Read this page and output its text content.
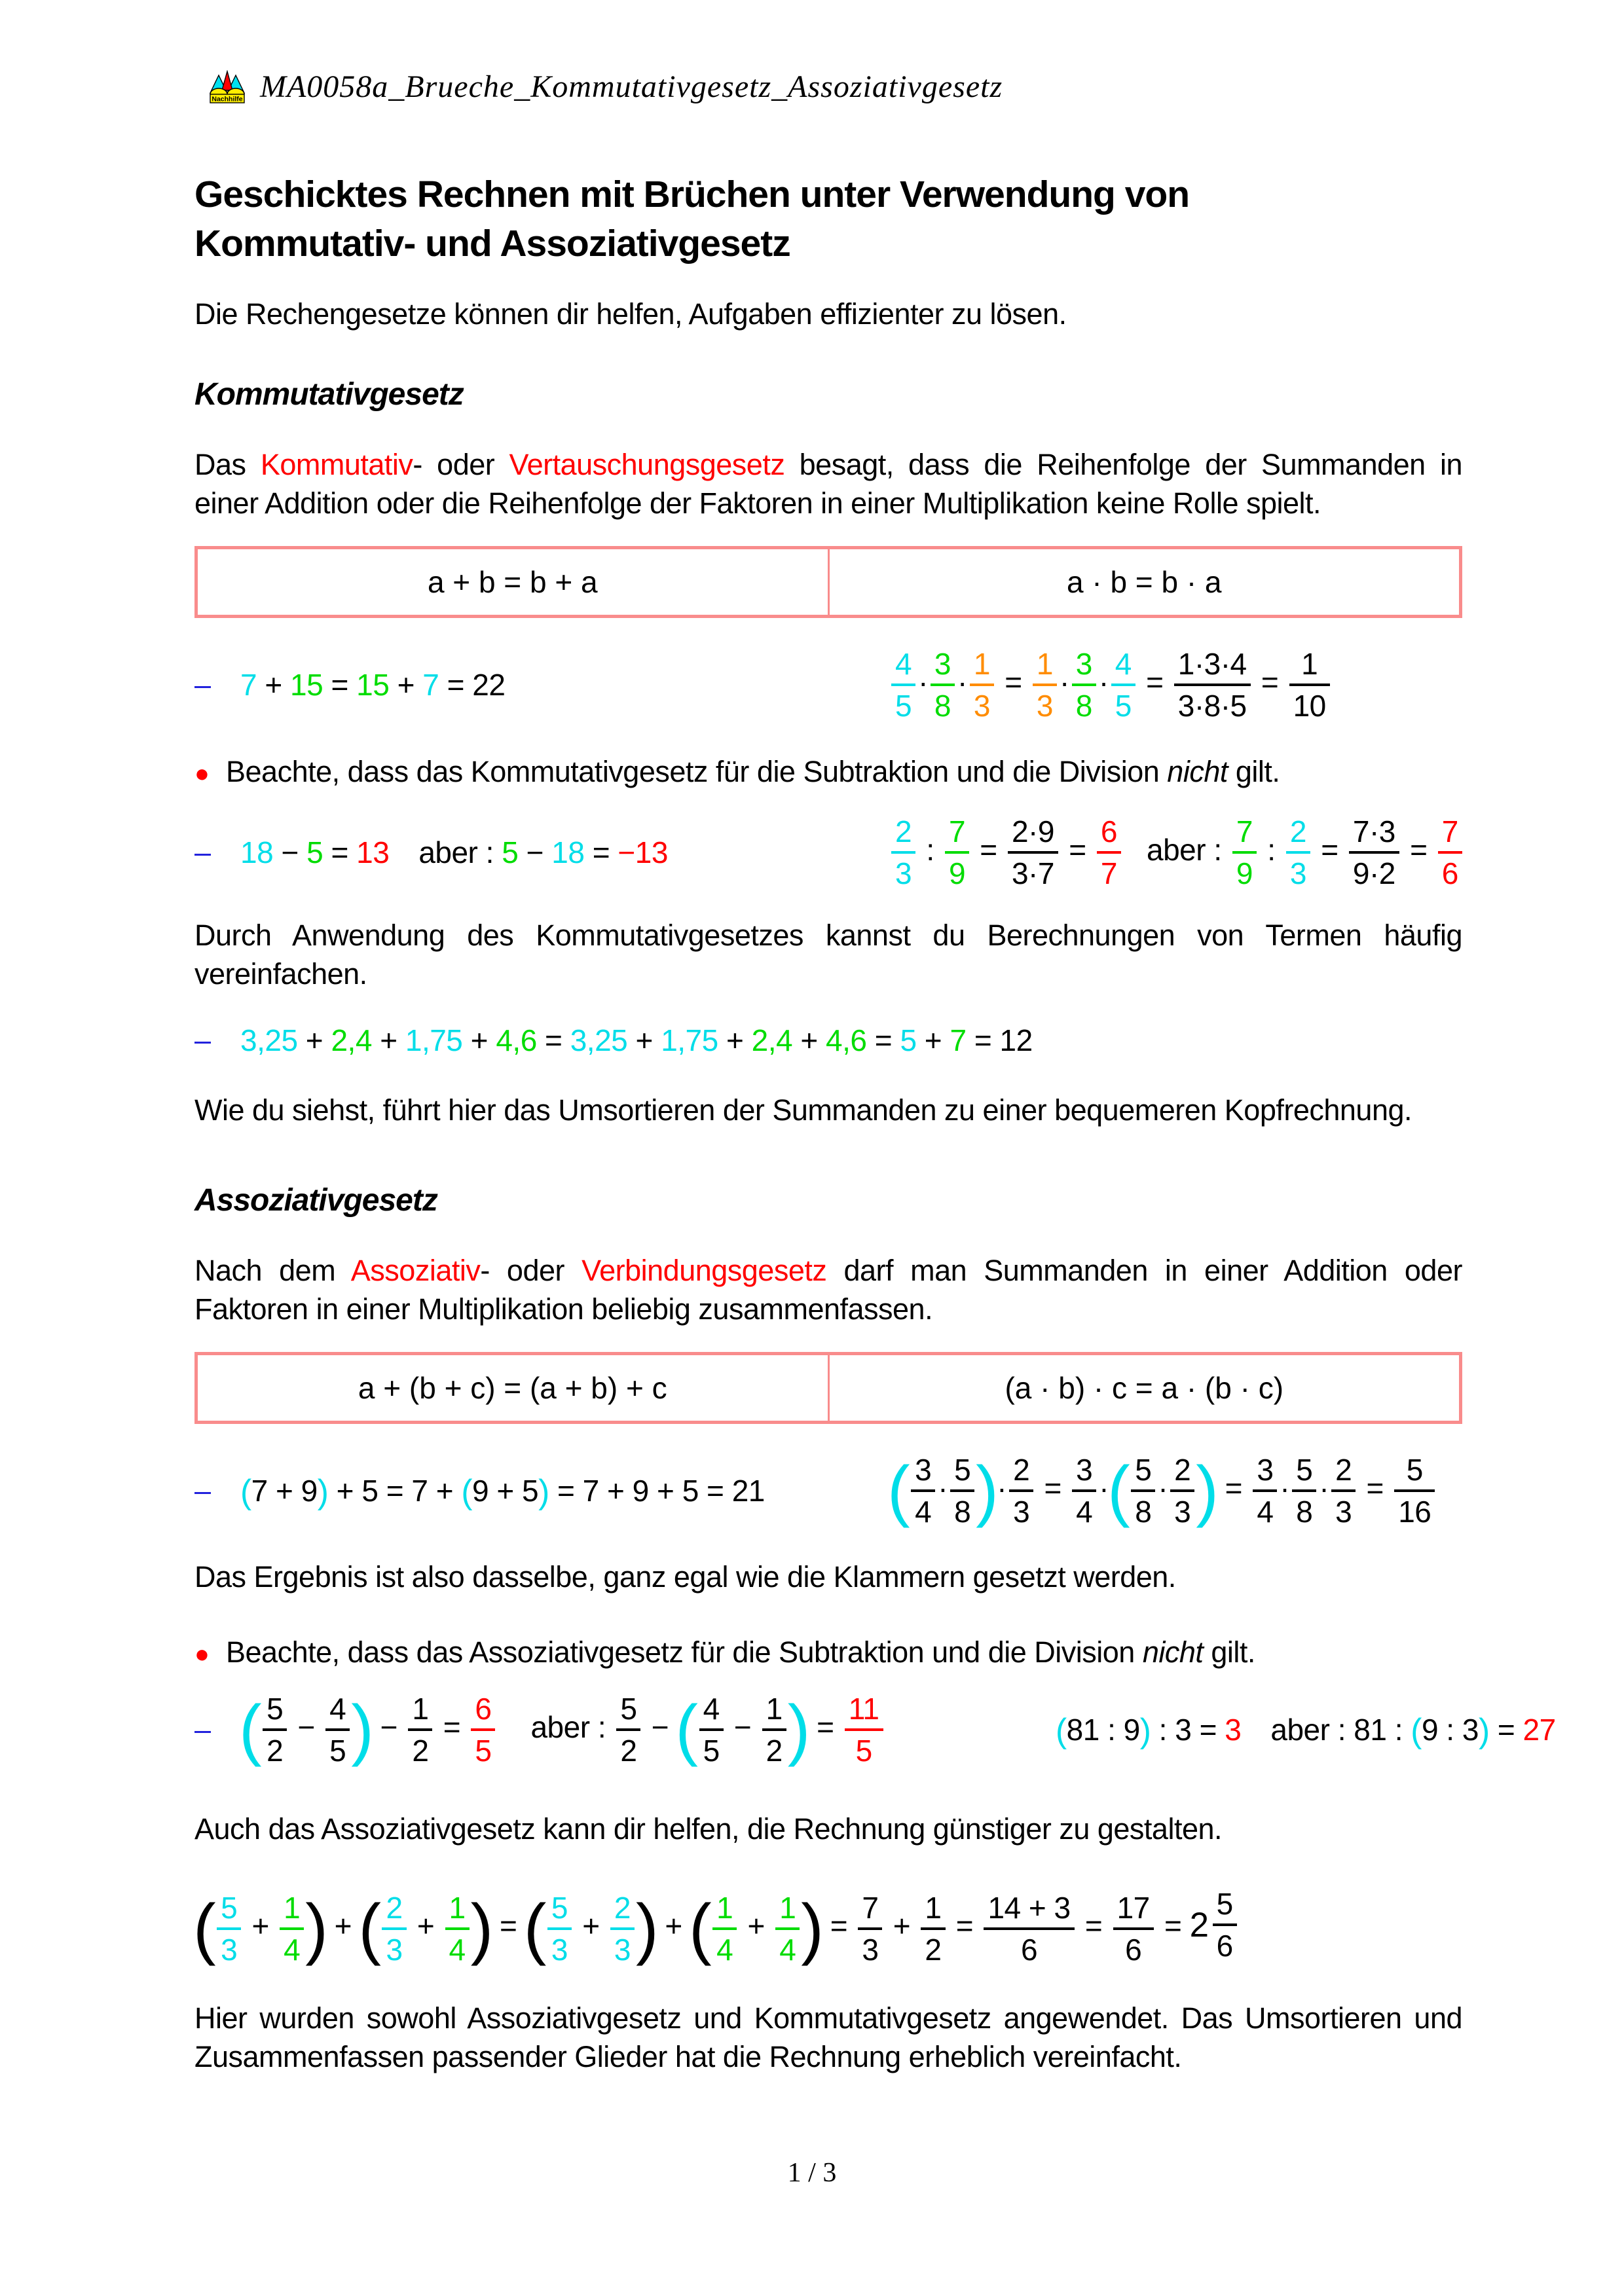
Nachhilfe MA0058a_Brueche_Kommutativgesetz_Assoziativgesetz
Geschicktes Rechnen mit Brüchen unter Verwendung von
Kommutativ- und Assoziativgesetz
Die Rechengesetze können dir helfen, Aufgaben effizienter zu lösen.
Kommutativgesetz
Das Kommutativ- oder Vertauschungsgesetz besagt, dass die Reihenfolge der Summanden in einer Addition oder die Reihenfolge der Faktoren in einer Multiplikation keine Rolle spielt.
a + b = b + a	a · b = b · a
– 7 + 15 = 15 + 7 = 22	$\frac{4}{5} \cdot \frac{3}{8} \cdot \frac{1}{3} = \frac{1}{3} \cdot \frac{3}{8} \cdot \frac{4}{5} = \frac{1\cdot 3\cdot 4}{3\cdot 8\cdot 5} = \frac{1}{10}$
● Beachte, dass das Kommutativgesetz für die Subtraktion und die Division nicht gilt.
– 18 − 5 = 13 aber : 5 − 18 = −13	$\frac{2}{3}$ : $\frac{7}{9} = \frac{2\cdot 9}{3\cdot 7} = \frac{6}{7}$ aber : $\frac{7}{9}$ : $\frac{2}{3} = \frac{7\cdot 3}{9\cdot 2} = \frac{7}{6}$
Durch Anwendung des Kommutativgesetzes kannst du Berechnungen von Termen häufig vereinfachen.
– 3,25 + 2,4 + 1,75 + 4,6 = 3,25 + 1,75 + 2,4 + 4,6 = 5 + 7 = 12
Wie du siehst, führt hier das Umsortieren der Summanden zu einer bequemeren Kopfrechnung.
Assoziativgesetz
Nach dem Assoziativ- oder Verbindungsgesetz darf man Summanden in einer Addition oder Faktoren in einer Multiplikation beliebig zusammenfassen.
a + (b + c) = (a + b) + c	(a · b) · c = a · (b · c)
– (7 + 9) + 5 = 7 + (9 + 5) = 7 + 9 + 5 = 21	( $\frac{3}{4} \cdot \frac{5}{8}$ )· $\frac{2}{3} = \frac{3}{4}$ ·( $\frac{5}{8} \cdot \frac{2}{3}$ ) = $\frac{3}{4} \cdot \frac{5}{8} \cdot \frac{2}{3} = \frac{5}{16}$
Das Ergebnis ist also dasselbe, ganz egal wie die Klammern gesetzt werden.
● Beachte, dass das Assoziativgesetz für die Subtraktion und die Division nicht gilt.
– ( $\frac{5}{2} - \frac{4}{5}$ ) − $\frac{1}{2} = \frac{6}{5}$ aber : $\frac{5}{2}$ − ( $\frac{4}{5} - \frac{1}{2}$ ) = $\frac{11}{5}$	(81 : 9) : 3 = 3 aber : 81 : (9 : 3) = 27
Auch das Assoziativgesetz kann dir helfen, die Rechnung günstiger zu gestalten.
( $\frac{5}{3} + \frac{1}{4}$ ) + ( $\frac{2}{3} + \frac{1}{4}$ ) = ( $\frac{5}{3} + \frac{2}{3}$ ) + ( $\frac{1}{4} + \frac{1}{4}$ ) = $\frac{7}{3} + \frac{1}{2} = \frac{14 + 3}{6} = \frac{17}{6} = 2$
5
6
Hier wurden sowohl Assoziativgesetz und Kommutativgesetz angewendet. Das Umsortieren und Zusammenfassen passender Glieder hat die Rechnung erheblich vereinfacht.
1 / 3
